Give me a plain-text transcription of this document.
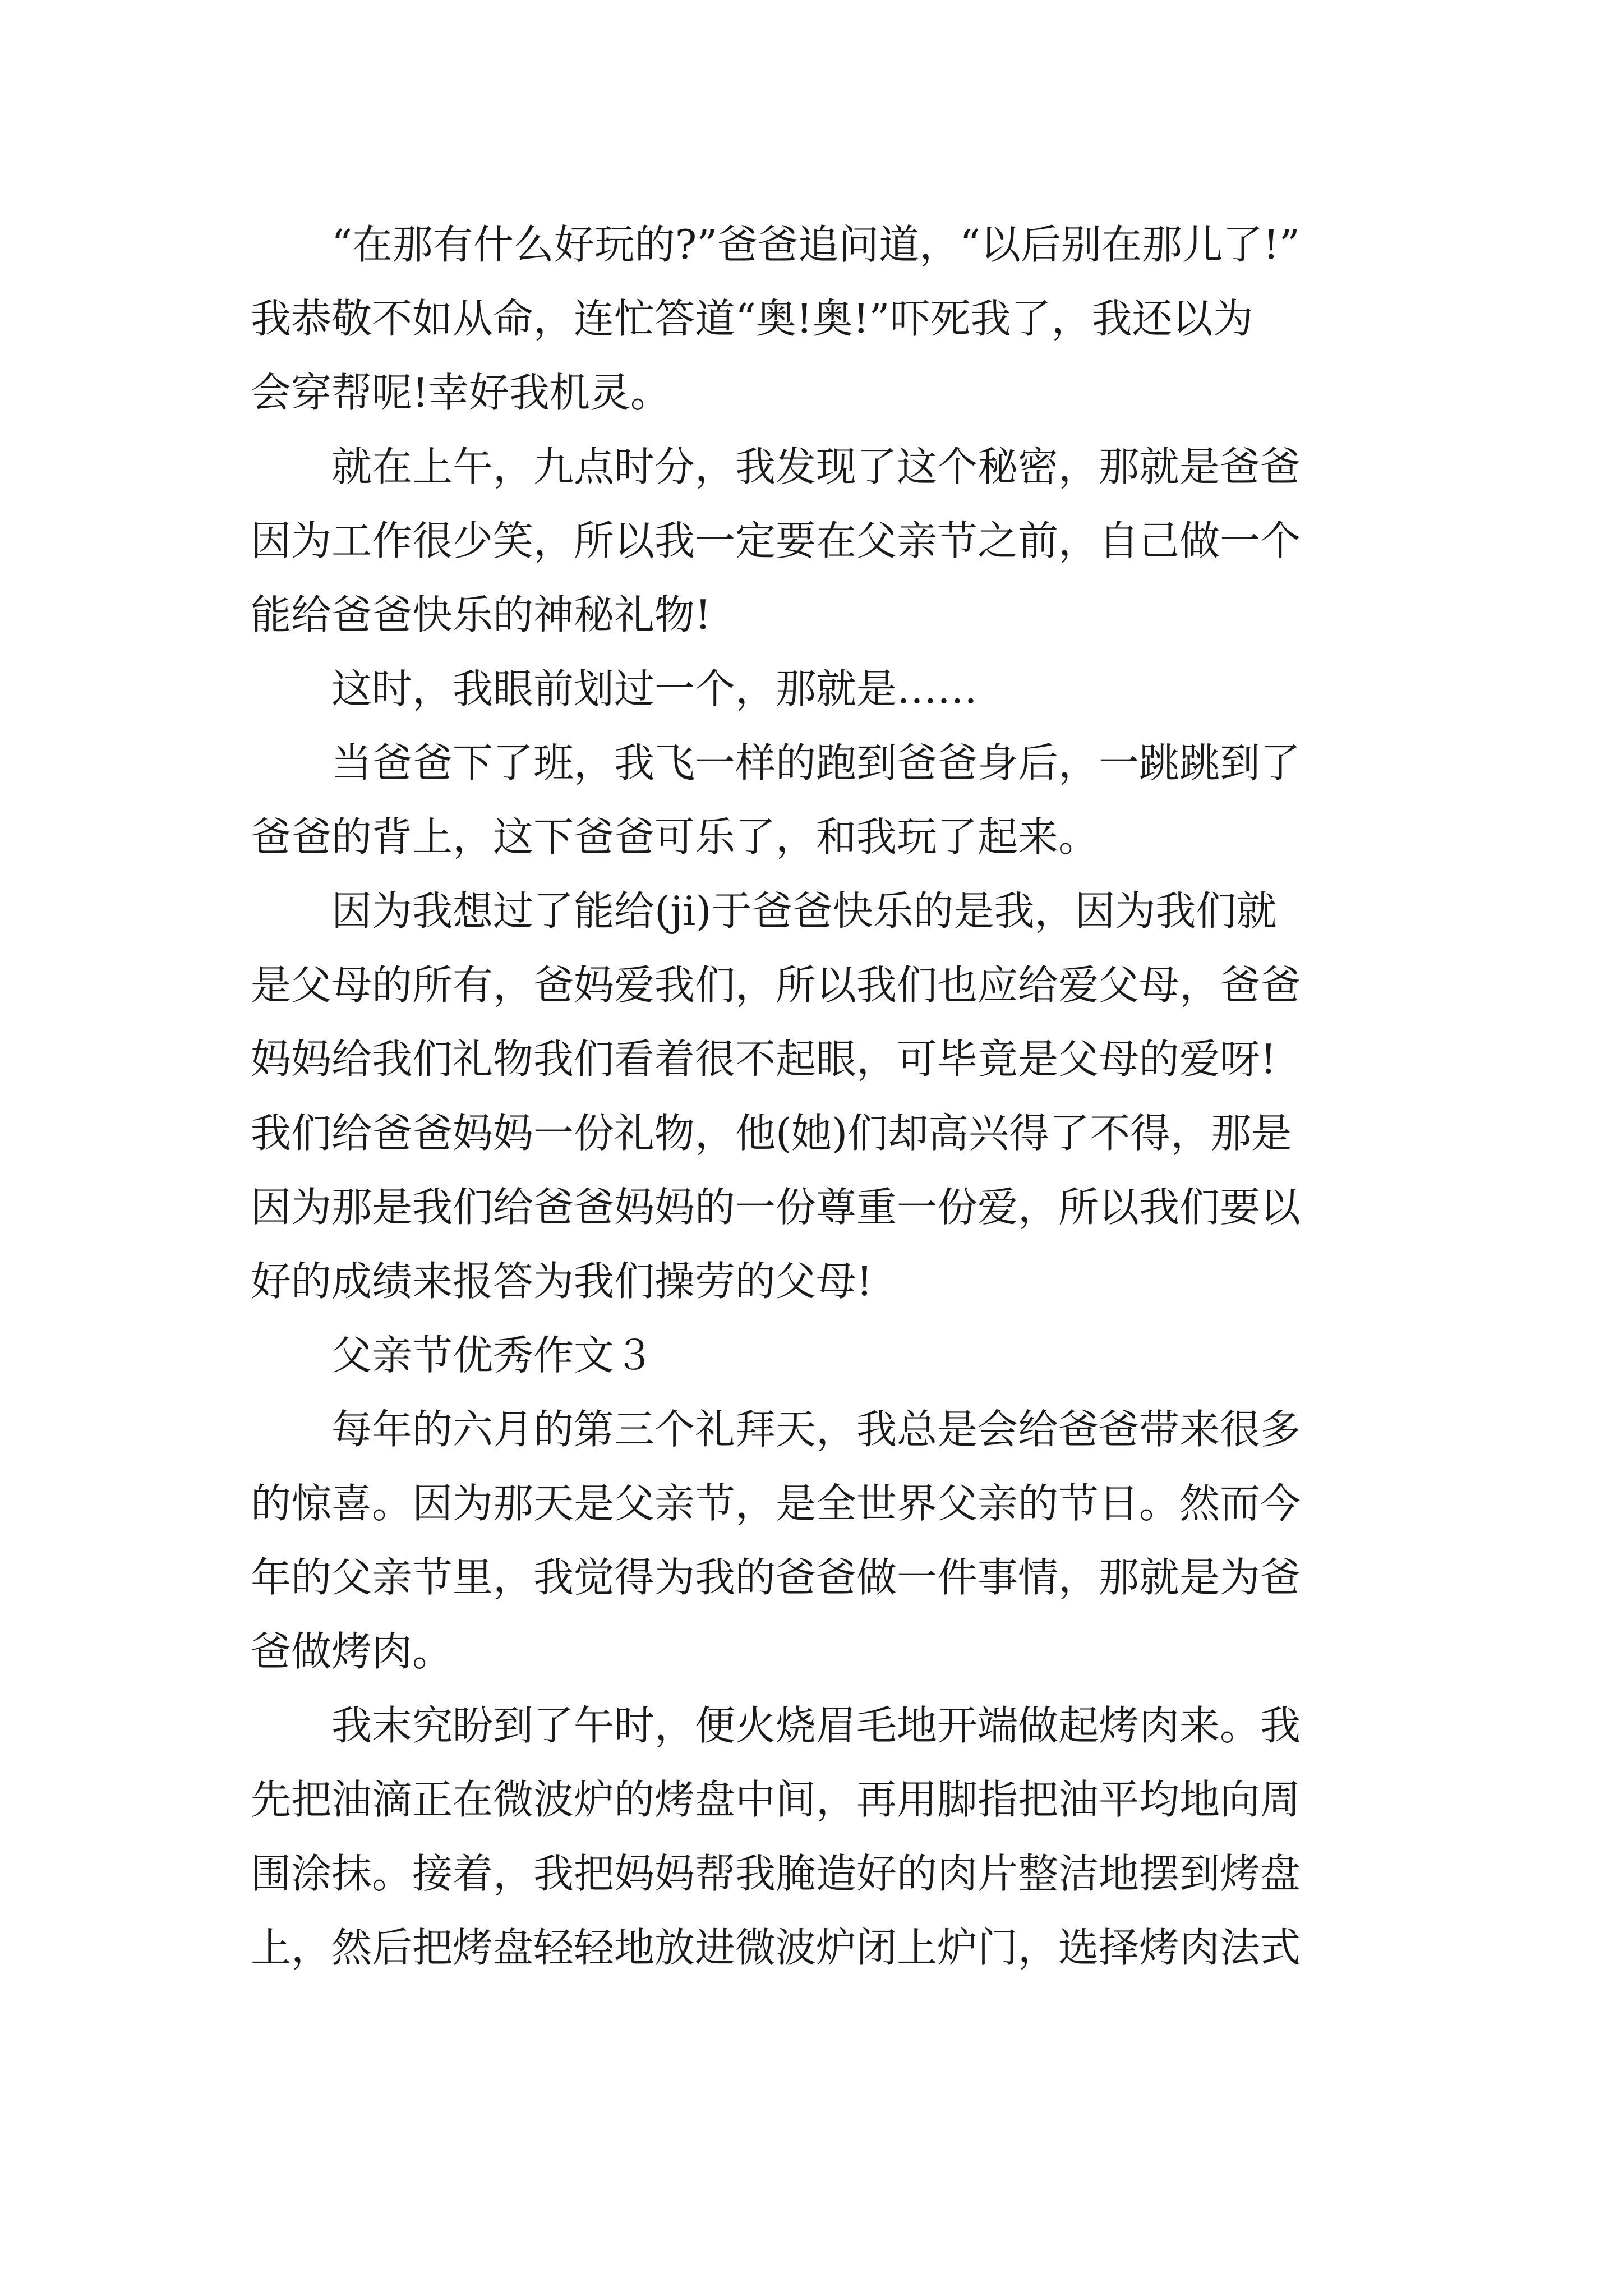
“在那有什么好玩的?”爸爸追问道，“以后别在那儿了!”
我恭敬不如从命，连忙答道“奥!奥!”吓死我了，我还以为
会穿帮呢!幸好我机灵。
就在上午，九点时分，我发现了这个秘密，那就是爸爸
因为工作很少笑，所以我一定要在父亲节之前，自己做一个
能给爸爸快乐的神秘礼物!
这时，我眼前划过一个，那就是……
当爸爸下了班，我飞一样的跑到爸爸身后，一跳跳到了
爸爸的背上，这下爸爸可乐了，和我玩了起来。
因为我想过了能给(ji)于爸爸快乐的是我，因为我们就
是父母的所有，爸妈爱我们，所以我们也应给爱父母，爸爸
妈妈给我们礼物我们看着很不起眼，可毕竟是父母的爱呀!
我们给爸爸妈妈一份礼物，他(她)们却高兴得了不得，那是
因为那是我们给爸爸妈妈的一份尊重一份爱，所以我们要以
好的成绩来报答为我们操劳的父母!
父亲节优秀作文３
每年的六月的第三个礼拜天，我总是会给爸爸带来很多
的惊喜。因为那天是父亲节，是全世界父亲的节日。然而今
年的父亲节里，我觉得为我的爸爸做一件事情，那就是为爸
爸做烤肉。
我末究盼到了午时，便火烧眉毛地开端做起烤肉来。我
先把油滴正在微波炉的烤盘中间，再用脚指把油平均地向周
围涂抹。接着，我把妈妈帮我腌造好的肉片整洁地摆到烤盘
上，然后把烤盘轻轻地放进微波炉闭上炉门，选择烤肉法式
